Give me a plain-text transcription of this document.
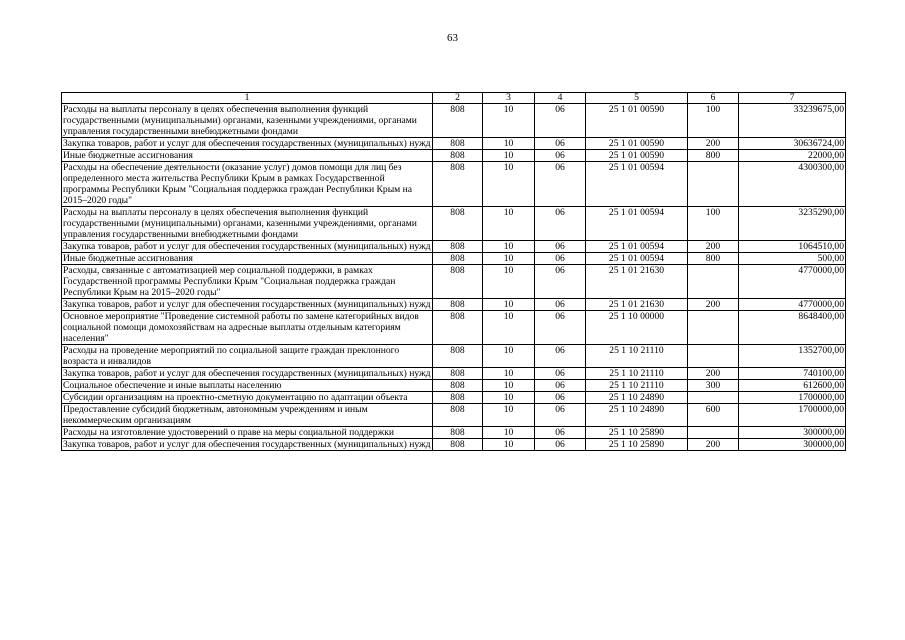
63
1	2	3	4	5	6	7
Расходы на выплаты персоналу в целях обеспечения выполнения функций государственными (муниципальными) органами, казенными учреждениями, органами управления государственными внебюджетными фондами	808	10	06	25 1 01 00590	100	33239675,00
Закупка товаров, работ и услуг для обеспечения государственных (муниципальных) нужд	808	10	06	25 1 01 00590	200	30636724,00
Иные бюджетные ассигнования	808	10	06	25 1 01 00590	800	22000,00
Расходы на обеспечение деятельности (оказание услуг) домов помощи для лиц без определенного места жительства Республики Крым в рамках Государственной программы Республики Крым "Социальная поддержка граждан Республики Крым на 2015–2020 годы"	808	10	06	25 1 01 00594		4300300,00
Расходы на выплаты персоналу в целях обеспечения выполнения функций государственными (муниципальными) органами, казенными учреждениями, органами управления государственными внебюджетными фондами	808	10	06	25 1 01 00594	100	3235290,00
Закупка товаров, работ и услуг для обеспечения государственных (муниципальных) нужд	808	10	06	25 1 01 00594	200	1064510,00
Иные бюджетные ассигнования	808	10	06	25 1 01 00594	800	500,00
Расходы, связанные с автоматизацией мер социальной поддержки, в рамках Государственной программы Республики Крым "Социальная поддержка граждан Республики Крым на 2015–2020 годы"	808	10	06	25 1 01 21630		4770000,00
Закупка товаров, работ и услуг для обеспечения государственных (муниципальных) нужд	808	10	06	25 1 01 21630	200	4770000,00
Основное мероприятие "Проведение системной работы по замене категорийных видов социальной помощи домохозяйствам на адресные выплаты отдельным категориям населения"	808	10	06	25 1 10 00000		8648400,00
Расходы на проведение мероприятий по социальной защите граждан преклонного возраста и инвалидов	808	10	06	25 1 10 21110		1352700,00
Закупка товаров, работ и услуг для обеспечения государственных (муниципальных) нужд	808	10	06	25 1 10 21110	200	740100,00
Социальное обеспечение и иные выплаты населению	808	10	06	25 1 10 21110	300	612600,00
Субсидии организациям на проектно-сметную документацию по адаптации объекта	808	10	06	25 1 10 24890		1700000,00
Предоставление субсидий бюджетным, автономным учреждениям и иным некоммерческим организациям	808	10	06	25 1 10 24890	600	1700000,00
Расходы на изготовление удостоверений о праве на меры социальной поддержки	808	10	06	25 1 10 25890		300000,00
Закупка товаров, работ и услуг для обеспечения государственных (муниципальных) нужд	808	10	06	25 1 10 25890	200	300000,00
